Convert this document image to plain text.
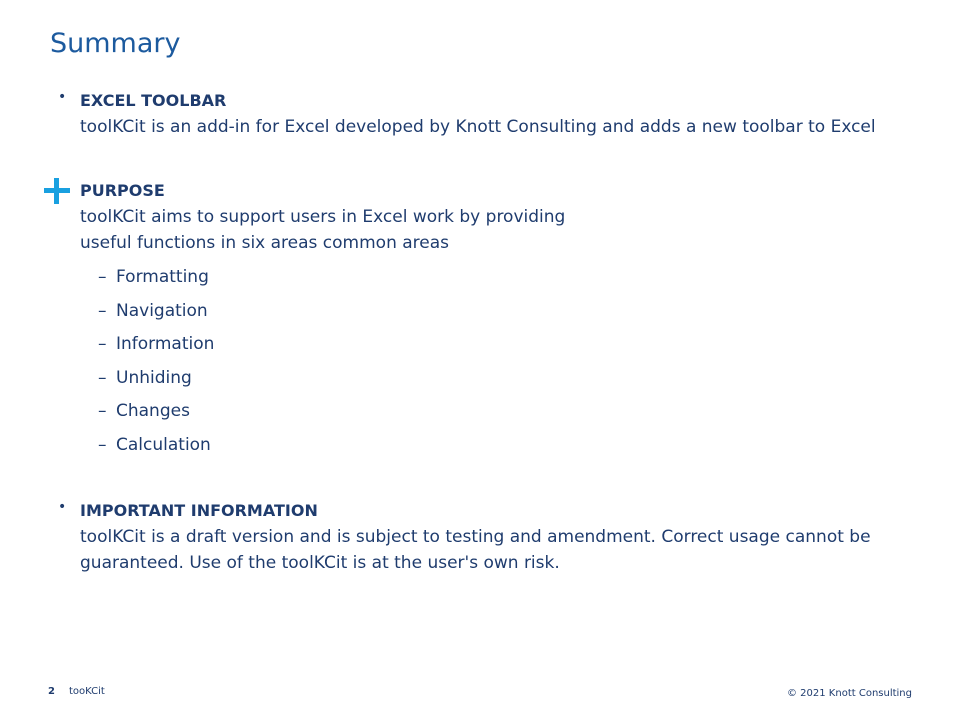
Summary
• EXCEL TOOLBAR
toolKCit is an add-in for Excel developed by Knott Consulting and adds a new toolbar to Excel
PURPOSE
toolKCit aims to support users in Excel work by providing
useful functions in six areas common areas
– Formatting
– Navigation
– Information
– Unhiding
– Changes
– Calculation
• IMPORTANT INFORMATION
toolKCit is a draft version and is subject to testing and amendment. Correct usage cannot be guaranteed. Use of the toolKCit is at the user's own risk.
2 tooKCit	© 2021 Knott Consulting
